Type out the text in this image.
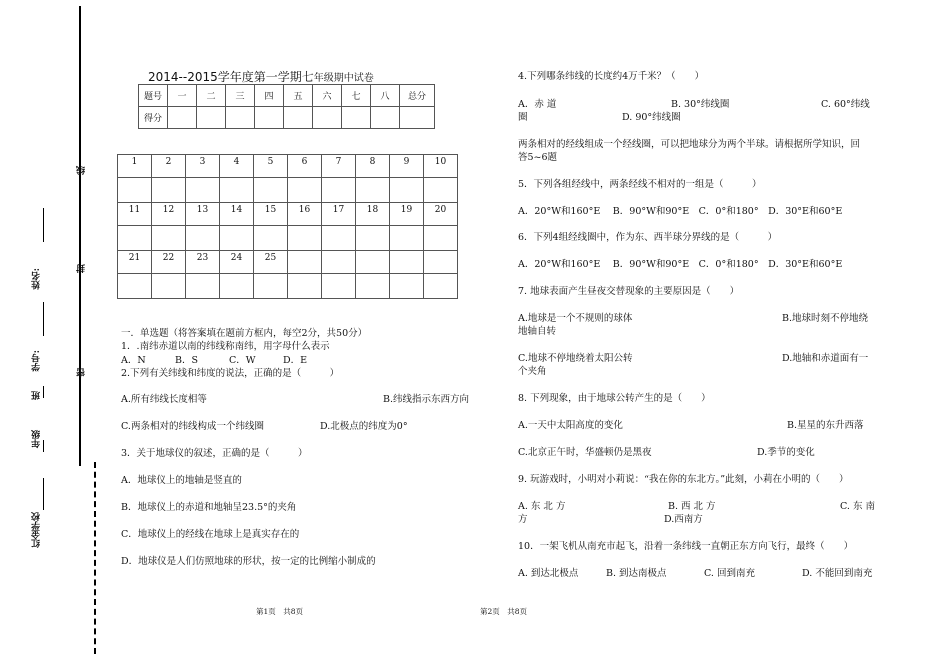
线
封
密
姓名:
学号:
班
年级
红金学校
2014--2015学年度第一学期七年级期中试卷
题号	一	二	三	四	五	六	七	八	总分
得分									
1	2	3	4	5	6	7	8	9	10

11	12	13	14	15	16	17	18	19	20

21	22	23	24	25					

一．单选题（将答案填在题前方框内，每空2分，共50分）
1．.南纬赤道以南的纬线称南纬，用字母什么表示
A．N	B．S	C．W	D．E
2.下列有关纬线和纬度的说法，正确的是（　　　）
A.所有纬线长度相等	B.纬线指示东西方向
C.两条相对的纬线构成一个纬线圈	D.北极点的纬度为0°
3．关于地球仪的叙述，正确的是（　　　）
A．地球仪上的地轴是竖直的
B．地球仪上的赤道和地轴呈23.5°的夹角
C．地球仪上的经线在地球上是真实存在的
D．地球仪是人们仿照地球的形状，按一定的比例缩小制成的
4.下列哪条纬线的长度约4万千米？（　　）
A．赤 道	B. 30°纬线圈	C. 60°纬线
圈	D. 90°纬线圈
两条相对的经线组成一个经线圈，可以把地球分为两个半球。请根据所学知识，回
答5~6题
5．下列各组经线中，两条经线不相对的一组是（　　　）
A．20°W和160°E　 B．90°W和90°E　C．0°和180°　D．30°E和60°E
6．下列4组经线圈中，作为东、西半球分界线的是（　　　）
A．20°W和160°E　 B．90°W和90°E　C．0°和180°　D．30°E和60°E
7. 地球表面产生昼夜交替现象的主要原因是（　　）
A.地球是一个不规则的球体	B.地球时刻不停地绕
地轴自转
C.地球不停地绕着太阳公转	D.地轴和赤道面有一
个夹角
8. 下列现象，由于地球公转产生的是（　　）
A.一天中太阳高度的变化	B.星星的东升西落
C.北京正午时，华盛顿仍是黑夜	D.季节的变化
9. 玩游戏时，小明对小莉说：“我在你的东北方。”此刻，小莉在小明的（　　）
A. 东 北 方	B. 西 北 方	C. 东 南
方	D.西南方
10．一架飞机从南充市起飞，沿着一条纬线一直朝正东方向飞行，最终（　　）
A. 到达北极点	B. 到达南极点	C. 回到南充	D. 不能回到南充
第1页　共8页	第2页　共8页
